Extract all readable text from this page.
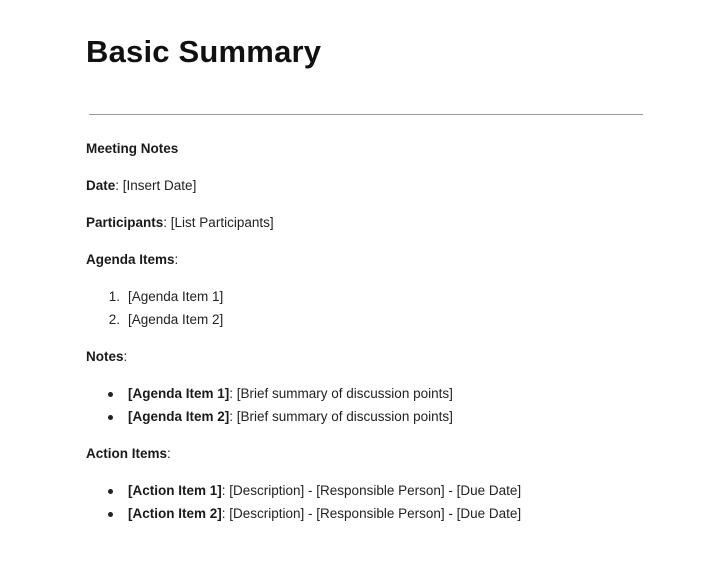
Basic Summary
Meeting Notes
Date: [Insert Date]
Participants: [List Participants]
Agenda Items:
1. [Agenda Item 1]
2. [Agenda Item 2]
Notes:
[Agenda Item 1]: [Brief summary of discussion points]
[Agenda Item 2]: [Brief summary of discussion points]
Action Items:
[Action Item 1]: [Description] - [Responsible Person] - [Due Date]
[Action Item 2]: [Description] - [Responsible Person] - [Due Date]
